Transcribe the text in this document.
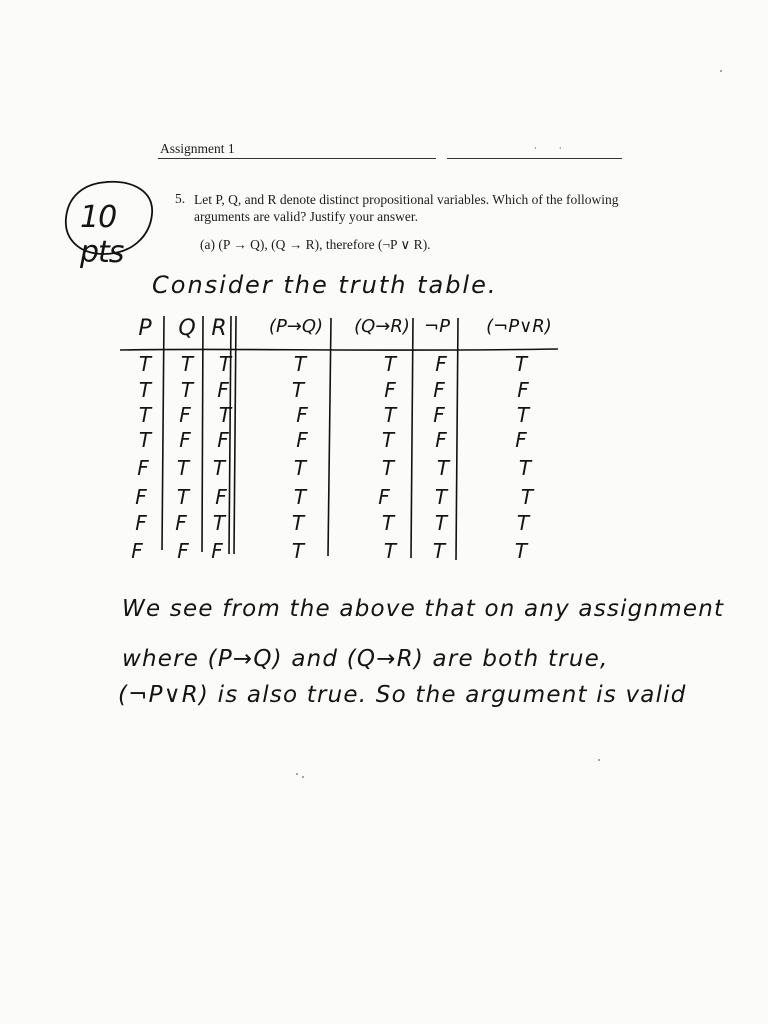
Assignment 1	··
5. Let P, Q, and R denote distinct propositional variables. Which of the following arguments are valid? Justify your answer.
(a) (P → Q), (Q → R), therefore (¬P ∨ R).
10 pts
Consider the truth table.
P	Q R (P→Q) (Q→R) ¬P	(¬P∨R)
T	T	T	T	T	F	T
T	T	F	T	F	F	F
T	F	T	F	T	F	T
T	F	F	F	T	F	F
F	T	T	T	T	T	T
F	T	F	T	F	T	T
F	F	T	T	T	T	T
F	F	F	T	T	T	T
We see from the above that on any assignment
where (P→Q) and (Q→R) are both true,
(¬P∨R) is also true. So the argument is valid
